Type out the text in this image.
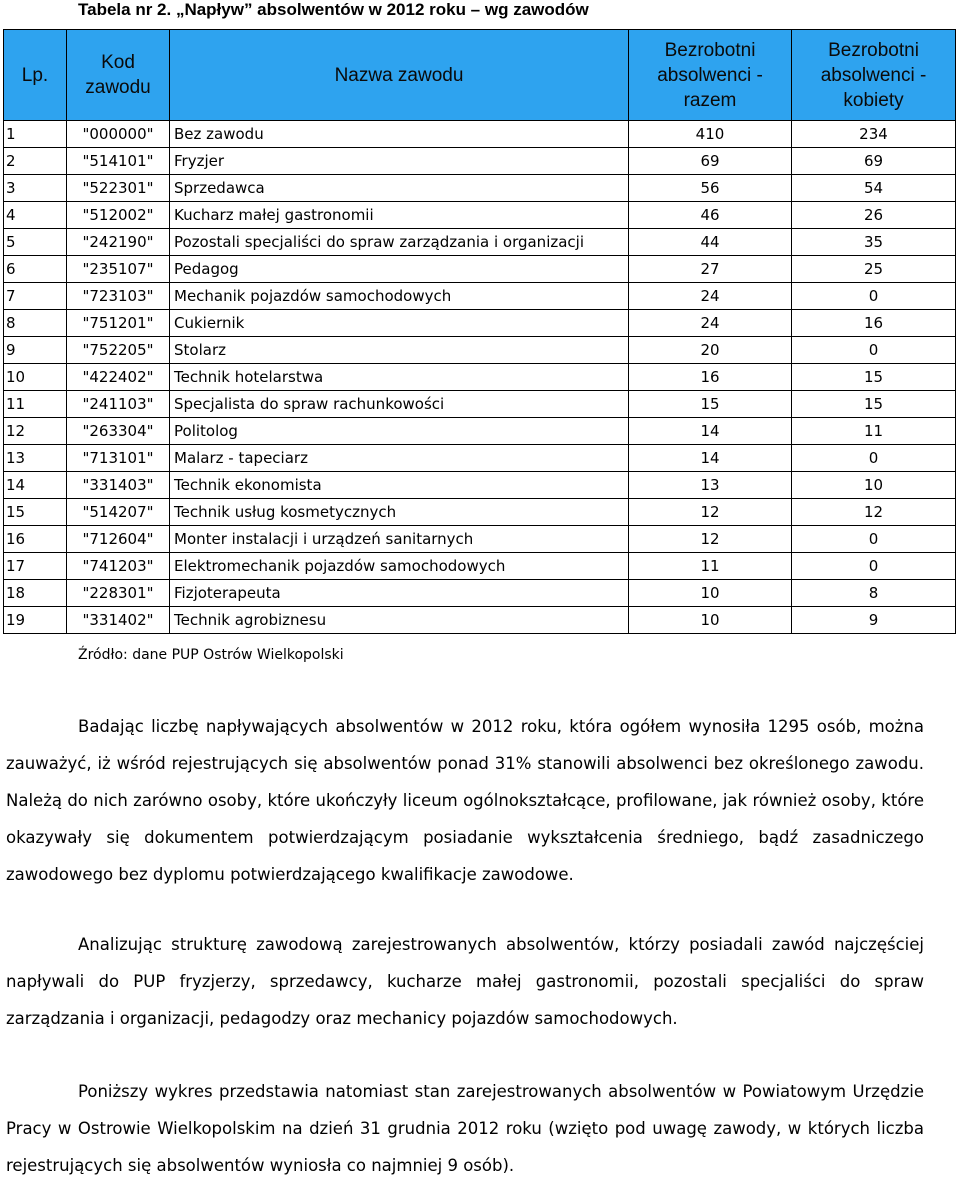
Tabela nr 2. „Napływ” absolwentów w 2012 roku – wg zawodów
Lp.	Kod zawodu	Nazwa zawodu	Bezrobotni absolwenci - razem	Bezrobotni absolwenci - kobiety
1	"000000"	Bez zawodu	410	234
2	"514101"	Fryzjer	69	69
3	"522301"	Sprzedawca	56	54
4	"512002"	Kucharz małej gastronomii	46	26
5	"242190"	Pozostali specjaliści do spraw zarządzania i organizacji	44	35
6	"235107"	Pedagog	27	25
7	"723103"	Mechanik pojazdów samochodowych	24	0
8	"751201"	Cukiernik	24	16
9	"752205"	Stolarz	20	0
10	"422402"	Technik hotelarstwa	16	15
11	"241103"	Specjalista do spraw rachunkowości	15	15
12	"263304"	Politolog	14	11
13	"713101"	Malarz - tapeciarz	14	0
14	"331403"	Technik ekonomista	13	10
15	"514207"	Technik usług kosmetycznych	12	12
16	"712604"	Monter instalacji i urządzeń sanitarnych	12	0
17	"741203"	Elektromechanik pojazdów samochodowych	11	0
18	"228301"	Fizjoterapeuta	10	8
19	"331402"	Technik agrobiznesu	10	9
Źródło: dane PUP Ostrów Wielkopolski

Badając liczbę napływających absolwentów w 2012 roku, która ogółem wynosiła 1295 osób, można zauważyć, iż wśród rejestrujących się absolwentów ponad 31% stanowili absolwenci bez określonego zawodu. Należą do nich zarówno osoby, które ukończyły liceum ogólnokształcące, profilowane, jak również osoby, które okazywały się dokumentem potwierdzającym posiadanie wykształcenia średniego, bądź zasadniczego zawodowego bez dyplomu potwierdzającego kwalifikacje zawodowe.

Analizując strukturę zawodową zarejestrowanych absolwentów, którzy posiadali zawód najczęściej napływali do PUP fryzjerzy, sprzedawcy, kucharze małej gastronomii, pozostali specjaliści do spraw zarządzania i organizacji, pedagodzy oraz mechanicy pojazdów samochodowych.

Poniższy wykres przedstawia natomiast stan zarejestrowanych absolwentów w Powiatowym Urzędzie Pracy w Ostrowie Wielkopolskim na dzień 31 grudnia 2012 roku (wzięto pod uwagę zawody, w których liczba rejestrujących się absolwentów wyniosła co najmniej 9 osób).
